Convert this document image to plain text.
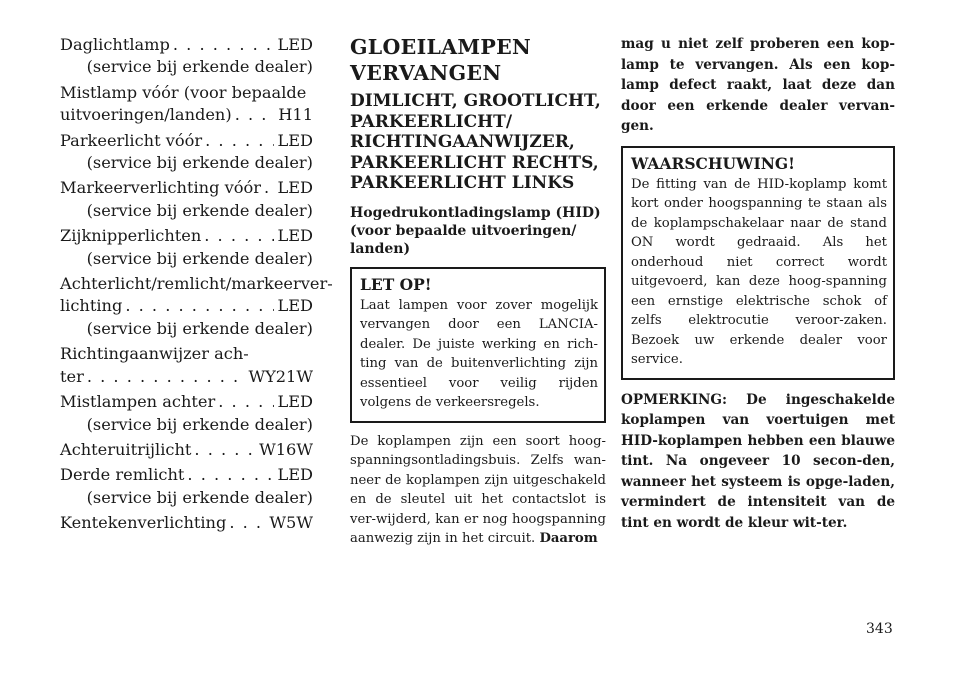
Daglichtlamp . . .	LED
(service bij erkende dealer)
Mistlamp vóór (voor bepaalde
uitvoeringen/landen) . . .	H11
Parkeerlicht vóór . . .	LED
(service bij erkende dealer)
Markeerverlichting vóór . . . LED
(service bij erkende dealer)
Zijknipperlichten . . .	LED
(service bij erkende dealer)
Achterlicht/remlicht/markeerver-
lichting . . .	LED
(service bij erkende dealer)
Richtingaanwijzer ach-
ter . . .	WY21W
Mistlampen achter . . .	LED
(service bij erkende dealer)
Achteruitrijlicht . . .	W16W
Derde remlicht . . .	LED
(service bij erkende dealer)
Kentekenverlichting . . .	W5W
GLOEILAMPEN
VERVANGEN
DIMLICHT, GROOTLICHT,
PARKEERLICHT/
RICHTINGAANWIJZER,
PARKEERLICHT RECHTS,
PARKEERLICHT LINKS
Hogedrukontladingslamp (HID)
(voor bepaalde uitvoeringen/
landen)
LET OP!
Laat lampen voor zover mogelijk vervangen door een LANCIA-dealer. De juiste werking en rich-ting van de buitenverlichting zijn essentieel voor veilig rijden volgens de verkeersregels.
De koplampen zijn een soort hoog-spanningsontladingsbuis. Zelfs wan-neer de koplampen zijn uitgeschakeld en de sleutel uit het contactslot is ver-wijderd, kan er nog hoogspanning aanwezig zijn in het circuit. Daarom
mag u niet zelf proberen een kop-lamp te vervangen. Als een kop-lamp defect raakt, laat deze dan door een erkende dealer vervan-gen.
WAARSCHUWING!
De fitting van de HID-koplamp komt kort onder hoogspanning te staan als de koplampschakelaar naar de stand ON wordt gedraaid. Als het onderhoud niet correct wordt uitgevoerd, kan deze hoog-spanning een ernstige elektrische schok of zelfs elektrocutie veroor-zaken. Bezoek uw erkende dealer voor service.
OPMERKING: De ingeschakelde koplampen van voertuigen met HID-koplampen hebben een blauwe tint. Na ongeveer 10 secon-den, wanneer het systeem is opge-laden, vermindert de intensiteit van de tint en wordt de kleur wit-ter.
343
